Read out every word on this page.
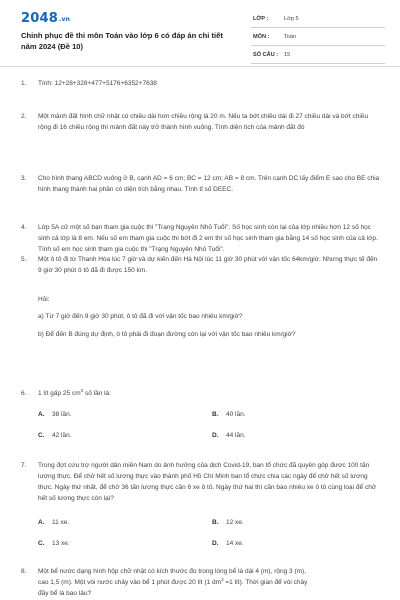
2048.vn
Chinh phục đề thi môn Toán vào lớp 6 có đáp án chi tiết năm 2024 (Đề 10)
LỚP :	Lớp 5
MÔN :	Toán
SỐ CÂU : 15
1.	Tính: 12+28+328+477+5176+6352+7638
2.	Một mảnh đất hình chữ nhật có chiều dài hơn chiều rộng là 20 m. Nếu ta bớt chiều dài đi 27 chiều dài và bớt chiều rộng đi 16 chiều rộng thì mảnh đất này trở thành hình vuông. Tính diện tích của mảnh đất đó
3.	Cho hình thang ABCD vuông ở B, cạnh AD = 6 cm; BC = 12 cm; AB = 8 cm. Trên cạnh DC lấy điểm E sao cho BE chia hình thang thành hai phần có diện tích bằng nhau. Tính tỉ số DEEC.
4.	Lớp 5A cử một số bạn tham gia cuộc thi "Trạng Nguyên Nhỏ Tuổi". Số học sinh còn lại của lớp nhiều hơn 12 số học sinh cả lớp là 8 em. Nếu số em tham gia cuộc thi bớt đi 2 em thì số học sinh tham gia bằng 14 số học sinh của cả lớp. Tính số em học sinh tham gia cuộc thi "Trạng Nguyên Nhỏ Tuổi".
5.	Một ô tô đi từ Thanh Hóa lúc 7 giờ và dự kiến đến Hà Nội lúc 11 giờ 30 phút với vận tốc 64km/giờ. Nhưng thực tế đến 9 giờ 30 phút ô tô đã đi được 150 km.
Hỏi:
a) Từ 7 giờ đến 9 giờ 30 phút, ô tô đã đi với vận tốc bao nhiêu km/giờ?
b) Để đến B đúng dự định, ô tô phải đi đoạn đường còn lại với vận tốc bao nhiêu km/giờ?
6.	1 lít gấp 25 $cm^3$ số lần là:
A. 38 lần.	B. 40 lần.
C. 42 lần.	D. 44 lần.
7.	Trong đợt cứu trợ người dân miền Nam do ảnh hưởng của dịch Covid-19, ban tổ chức đã quyên góp được 100 tấn lương thực. Để chở hết số lương thực vào thành phố Hồ Chí Minh ban tổ chức chia các ngày để chở hết số lương thực. Ngày thứ nhất, để chở 36 tấn lương thực cần 6 xe ô tô. Ngày thứ hai thì cần bao nhiêu xe ô tô cùng loại để chở hết số lương thực còn lại?
A. 11 xe.	B. 12 xe.
C. 13 xe.	D. 14 xe.
8.	Một bể nước dạng hình hộp chữ nhật có kích thước đo trong lòng bể là dài 4 (m), rộng 3 (m),
cao 1,5 (m). Một vòi nước chảy vào bể 1 phút được 20 lít (1 $dm^3 =1$ lít). Thời gian để vòi chảy
đầy bể là bao lâu?
